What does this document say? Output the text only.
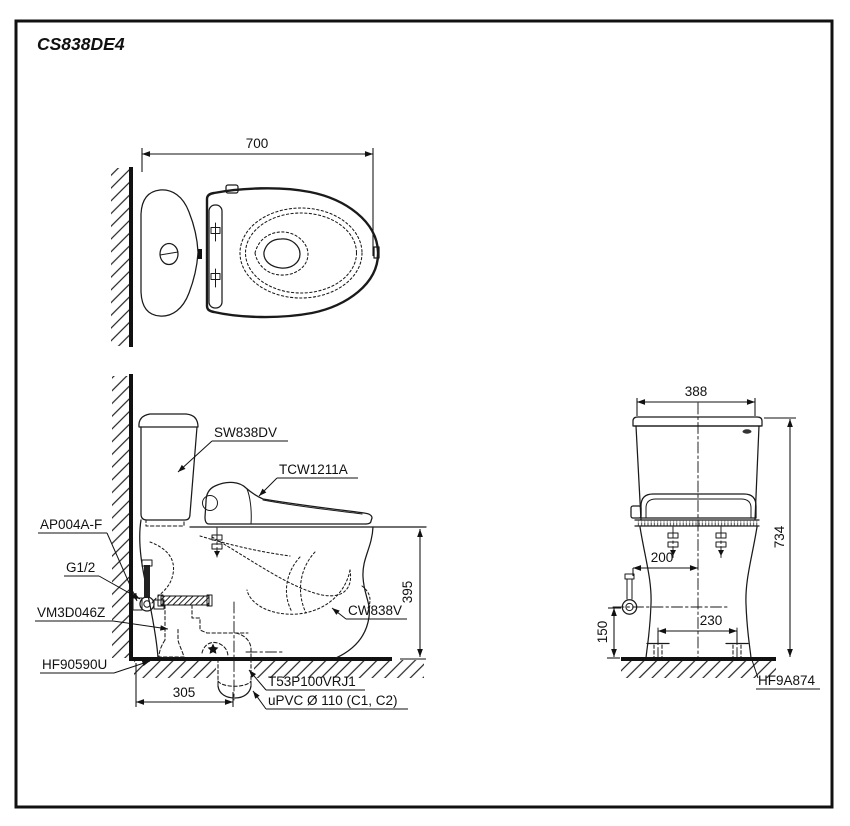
CS838DE4
700
395
305
SW838DV
TCW1211A
AP004A-F
G1/2
VM3D046Z
HF90590U
CW838V
T53P100VRJ1
uPVC Ø 110 (C1, C2)
388
200
150
230
734
HF9A874
